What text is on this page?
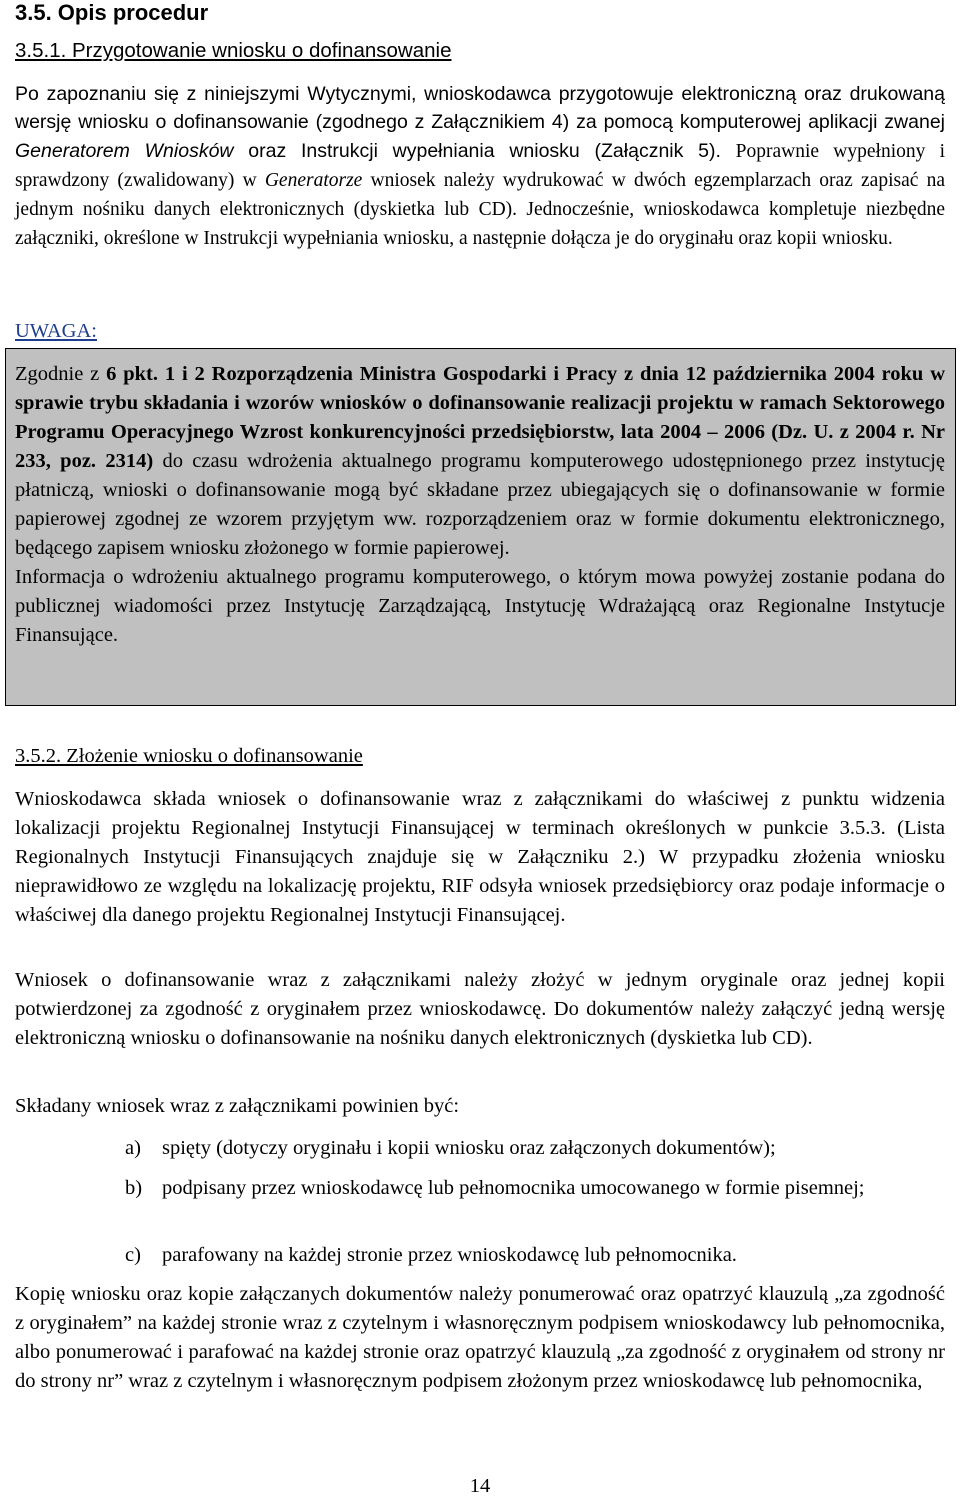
3.5. Opis procedur
3.5.1. Przygotowanie wniosku o dofinansowanie
Po zapoznaniu się z niniejszymi Wytycznymi, wnioskodawca przygotowuje elektroniczną oraz drukowaną wersję wniosku o dofinansowanie (zgodnego z Załącznikiem 4) za pomocą komputerowej aplikacji zwanej Generatorem Wniosków oraz Instrukcji wypełniania wniosku (Załącznik 5). Poprawnie wypełniony i sprawdzony (zwalidowany) w Generatorze wniosek należy wydrukować w dwóch egzemplarzach oraz zapisać na jednym nośniku danych elektronicznych (dyskietka lub CD). Jednocześnie, wnioskodawca kompletuje niezbędne załączniki, określone w Instrukcji wypełniania wniosku, a następnie dołącza je do oryginału oraz kopii wniosku.
UWAGA:
Zgodnie z 6 pkt. 1 i 2 Rozporządzenia Ministra Gospodarki i Pracy z dnia 12 października 2004 roku w sprawie trybu składania i wzorów wniosków o dofinansowanie realizacji projektu w ramach Sektorowego Programu Operacyjnego Wzrost konkurencyjności przedsiębiorstw, lata 2004 – 2006 (Dz. U. z 2004 r. Nr 233, poz. 2314) do czasu wdrożenia aktualnego programu komputerowego udostępnionego przez instytucję płatniczą, wnioski o dofinansowanie mogą być składane przez ubiegających się o dofinansowanie w formie papierowej zgodnej ze wzorem przyjętym ww. rozporządzeniem oraz w formie dokumentu elektronicznego, będącego zapisem wniosku złożonego w formie papierowej.
Informacja o wdrożeniu aktualnego programu komputerowego, o którym mowa powyżej zostanie podana do publicznej wiadomości przez Instytucję Zarządzającą, Instytucję Wdrażającą oraz Regionalne Instytucje Finansujące.
3.5.2. Złożenie wniosku o dofinansowanie
Wnioskodawca składa wniosek o dofinansowanie wraz z załącznikami do właściwej z punktu widzenia lokalizacji projektu Regionalnej Instytucji Finansującej w terminach określonych w punkcie 3.5.3. (Lista Regionalnych Instytucji Finansujących znajduje się w Załączniku 2.) W przypadku złożenia wniosku nieprawidłowo ze względu na lokalizację projektu, RIF odsyła wniosek przedsiębiorcy oraz podaje informacje o właściwej dla danego projektu Regionalnej Instytucji Finansującej.
Wniosek o dofinansowanie wraz z załącznikami należy złożyć w jednym oryginale oraz jednej kopii potwierdzonej za zgodność z oryginałem przez wnioskodawcę. Do dokumentów należy załączyć jedną wersję elektroniczną wniosku o dofinansowanie na nośniku danych elektronicznych (dyskietka lub CD).
Składany wniosek wraz z załącznikami powinien być:
a) spięty (dotyczy oryginału i kopii wniosku oraz załączonych dokumentów);
b) podpisany przez wnioskodawcę lub pełnomocnika umocowanego w formie pisemnej;
c) parafowany na każdej stronie przez wnioskodawcę lub pełnomocnika.
Kopię wniosku oraz kopie załączanych dokumentów należy ponumerować oraz opatrzyć klauzulą „za zgodność z oryginałem” na każdej stronie wraz z czytelnym i własnoręcznym podpisem wnioskodawcy lub pełnomocnika, albo ponumerować i parafować na każdej stronie oraz opatrzyć klauzulą „za zgodność z oryginałem od strony nr do strony nr” wraz z czytelnym i własnoręcznym podpisem złożonym przez wnioskodawcę lub pełnomocnika,
14
